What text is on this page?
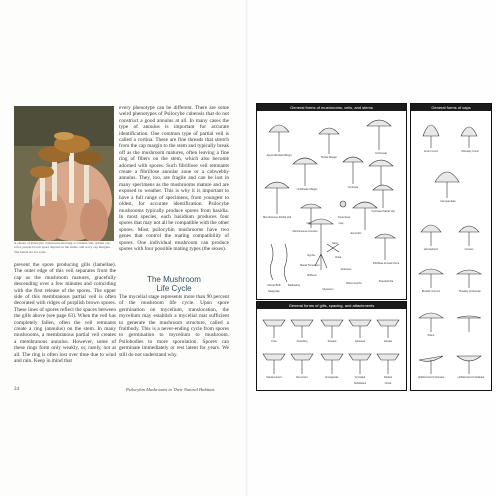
A cluster of Psilocybe cyanescens showing a cortinate veil, golden cap color, purple-brown spore deposit on the stems, and wavy cap margins. The hands are for scale.
prevent the spore producing gills (lamellae). The outer edge of this veil separates from the cap as the mushroom matures, gracefully descending over a few minutes and coinciding with the first release of the spores. The upper side of this membranous partial veil is often decorated with ridges of purplish brown spores. These lines of spores reflect the spaces between the gills above (see page 63). When the veil has completely fallen, often the veil remnants create a ring (annulus) on the stem. In many mushrooms, a membranous partial veil creates a membranous annulus. However, some of these rings form only weakly, or, rarely, not at all. The ring is often lost over time due to wind and rain. Keep in mind that
every phenotype can be different. There are some weird phenotypes of Psilocybe cubensis that do not construct a good annulus at all. In many cases the type of annulus is important for accurate identification. One common type of partial veil is called a cortina. These are fine threads that stretch from the cap margin to the stem and typically break off as the mushroom matures, often leaving a fine ring of fibers on the stem, which also become adorned with spores. Such fibrillose veil remnants create a fibrillose annular zone or a cobwebby annulus. They, too, are fragile and can be lost in many specimens as the mushrooms mature and are exposed to weather. This is why it is important to have a full range of specimens, from youngest to oldest, for accurate identification. Psilocybe mushrooms typically produce spores from basidia. In most species, each basidium produces four spores that may not all be compatible with the other spores. Most psilocybin mushrooms have two genes that control the mating compatibility of spores. One individual mushroom can produce spores with four possible mating types (the sexes).
The Mushroom
Life Cycle
The mycelial stage represents more than 90 percent of the mushroom life cycle. Upon spore germination on mycelium, translocation, the mycelium may establish a mycelial mat sufficient to generate the mushroom structure, called a fruitbody. This is a never-ending cycle from spores to germination to mycelium to mushroom. Psilobodies to more sporulation. Spores can germinate immediately or rest latent for years. We still do not understand why.
24	Psilocybin Mushrooms in Their Natural Habitats
General forms of mushrooms, veils, and stems
Appendiculate Margin
Striate Margin
Umbonate
Umbilicate Margin
Membranous Partial Veil
Cortinate
Cortinate Partial Veil
Membranous Annulus
Volva
Eccentric
Tomentose
Fibrillose Annular Zone
Bulbous
Glutinous
Rhizomorphs
Abrupt Bulb
Marginate
Radicating
Mycelium
Pseudorhiza
Hypha
Cap
Stem
Gills
Basal Tomentum
General forms of caps
Acorn Conic	Obtusely Conic
Campanulate
Hemispheric	Convex
Broadly Convex	Broadly Umbonate
Plane
Uplifted and Umbonate	Uplifted and Umbilicate
General forms of gills, spacing, and attachments
Free	Seceding	Sinuate	Adnexed	Adnate
Subdecurrent	Decurrent	Emarginate	Crowded	Distant
Subdistant	Close
